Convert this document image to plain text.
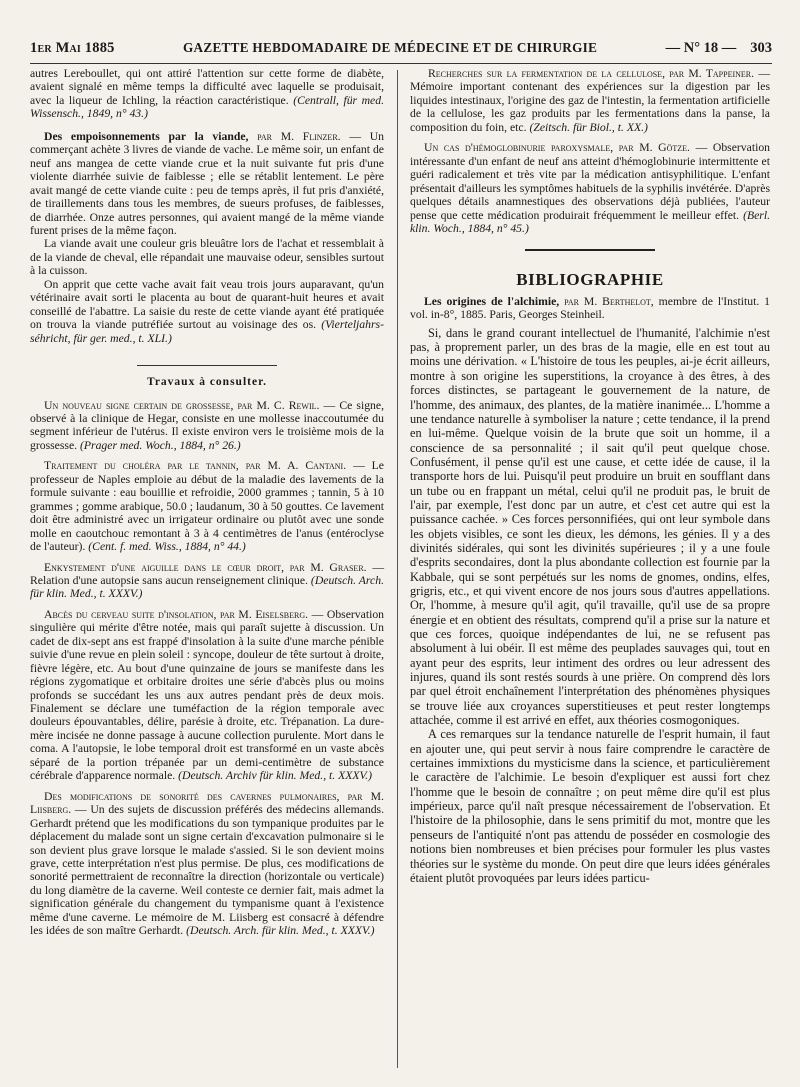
1er Mai 1885	GAZETTE HEBDOMADAIRE DE MÉDECINE ET DE CHIRURGIE	— N° 18 — 303

autres Lereboullet, qui ont attiré l'attention sur cette forme de diabète, avaient signalé en même temps la difficulté avec laquelle se produisait, avec la liqueur de Ichling, la réaction caractéristique. (Centrall, für med. Wissensch., 1849, n° 43.)

Des empoisonnements par la viande, par M. Flinzer. — Un commerçant achète 3 livres de viande de vache. Le même soir, un enfant de neuf ans mangea de cette viande crue et la nuit suivante fut pris d'une violente diarrhée suivie de faiblesse ; elle se rétablit lentement. Le père avait mangé de cette viande cuite : peu de temps après, il fut pris d'anxiété, de tiraillements dans tous les membres, de sueurs profuses, de faiblesses, de diarrhée. Onze autres personnes, qui avaient mangé de la même viande furent prises de la même façon.

La viande avait une couleur gris bleuâtre lors de l'achat et ressemblait à de la viande de cheval, elle répandait une mauvaise odeur, sensibles surtout à la cuisson.

On apprit que cette vache avait fait veau trois jours auparavant, qu'un vétérinaire avait sorti le placenta au bout de quarant-huit heures et avait conseillé de l'abattre. La saisie du reste de cette viande ayant été pratiquée on trouva la viande putréfiée surtout au voisinage des os. (Vierteljahrs-séhricht, für ger. med., t. XLI.)

Travaux à consulter.

Un nouveau signe certain de grossesse, par M. C. Rewil. — Ce signe, observé à la clinique de Hegar, consiste en une mollesse inaccoutumée du segment inférieur de l'utérus. Il existe environ vers le troisième mois de la grossesse. (Prager med. Woch., 1884, n° 26.)

Traitement du choléra par le tannin, par M. A. Cantani. — Le professeur de Naples emploie au début de la maladie des lavements de la formule suivante : eau bouillie et refroidie, 2000 grammes ; tannin, 5 à 10 grammes ; gomme arabique, 50.0 ; laudanum, 30 à 50 gouttes. Ce lavement doit être administré avec un irrigateur ordinaire ou plutôt avec une sonde molle en caoutchouc remontant à 3 à 4 centimètres de l'anus (entéroclyse de l'auteur). (Cent. f. med. Wiss., 1884, n° 44.)

Enkystement d'une aiguille dans le cœur droit, par M. Graser. — Relation d'une autopsie sans aucun renseignement clinique. (Deutsch. Arch. für klin. Med., t. XXXV.)

Abcès du cerveau suite d'insolation, par M. Eiselsberg. — Observation singulière qui mérite d'être notée, mais qui paraît sujette à discussion. Un cadet de dix-sept ans est frappé d'insolation à la suite d'une marche pénible suivie d'une revue en plein soleil : syncope, douleur de tête surtout à droite, fièvre légère, etc. Au bout d'une quinzaine de jours se manifeste dans les régions zygomatique et orbitaire droites une série d'abcès plus ou moins profonds se succédant les uns aux autres pendant près de deux mois. Finalement se déclare une tuméfaction de la région temporale avec douleurs épouvantables, délire, parésie à droite, etc. Trépanation. La dure-mère incisée ne donne passage à aucune collection purulente. Mort dans le coma. A l'autopsie, le lobe temporal droit est transformé en un vaste abcès séparé de la portion trépanée par un demi-centimètre de substance cérébrale d'apparence normale. (Deutsch. Archiv für klin. Med., t. XXXV.)

Des modifications de sonorité des cavernes pulmonaires, par M. Liisberg. — Un des sujets de discussion préférés des médecins allemands. Gerhardt prétend que les modifications du son tympanique produites par le déplacement du malade sont un signe certain d'excavation pulmonaire si le son devient plus grave lorsque le malade s'assied. Si le son devient moins grave, cette interprétation n'est plus permise. De plus, ces modifications de sonorité permettraient de reconnaître la direction (horizontale ou verticale) du long diamètre de la caverne. Weil conteste ce dernier fait, mais admet la signification générale du changement du tympanisme quant à l'existence même d'une caverne. Le mémoire de M. Liisberg est consacré à défendre les idées de son maître Gerhardt. (Deutsch. Arch. für klin. Med., t. XXXV.)

Recherches sur la fermentation de la cellulose, par M. Tappeiner. — Mémoire important contenant des expériences sur la digestion par les liquides intestinaux, l'origine des gaz de l'intestin, la fermentation artificielle de la cellulose, les gaz produits par les fermentations dans la panse, la composition du foin, etc. (Zeitsch. für Biol., t. XX.)

Un cas d'hémoglobinurie paroxysmale, par M. Götze. — Observation intéressante d'un enfant de neuf ans atteint d'hémoglobinurie intermittente et guéri radicalement et très vite par la médication antisyphilitique. L'enfant présentait d'ailleurs les symptômes habituels de la syphilis invétérée. D'après quelques détails anamnestiques des observations déjà publiées, l'auteur pense que cette médication produirait fréquemment le meilleur effet. (Berl. klin. Woch., 1884, n° 45.)

BIBLIOGRAPHIE

Les origines de l'alchimie, par M. Berthelot, membre de l'Institut. 1 vol. in-8°, 1885. Paris, Georges Steinheil.

Si, dans le grand courant intellectuel de l'humanité, l'alchimie n'est pas, à proprement parler, un des bras de la magie, elle en est tout au moins une dérivation. « L'histoire de tous les peuples, ai-je écrit ailleurs, montre à son origine les superstitions, la croyance à des êtres, à des forces distinctes, se partageant le gouvernement de la nature, de l'homme, des animaux, des plantes, de la matière inanimée... L'homme a une tendance naturelle à symboliser la nature ; cette tendance, il la prend en lui-même. Quelque voisin de la brute que soit un homme, il a conscience de sa personnalité ; il sait qu'il peut quelque chose. Confusément, il pense qu'il est une cause, et cette idée de cause, il la transporte hors de lui. Puisqu'il peut produire un bruit en soufflant dans un tube ou en frappant un métal, celui qu'il ne produit pas, le bruit de l'air, par exemple, l'est donc par un autre, et c'est cet autre qui est la puissance cachée. » Ces forces personnifiées, qui ont leur symbole dans les objets visibles, ce sont les dieux, les démons, les génies. Il y a des divinités sidérales, qui sont les divinités supérieures ; il y a une foule d'esprits secondaires, dont la plus abondante collection est fournie par la Kabbale, qui se sont perpétués sur les noms de gnomes, ondins, elfes, grigris, etc., et qui vivent encore de nos jours sous d'autres appellations. Or, l'homme, à mesure qu'il agit, qu'il travaille, qu'il use de sa propre énergie et en obtient des résultats, comprend qu'il a prise sur la nature et que ces forces, quoique indépendantes de lui, ne se refusent pas absolument à lui obéir. Il est même des peuplades sauvages qui, tout en ayant peur des esprits, leur intiment des ordres ou leur adressent des injures, quand ils sont restés sourds à une prière. On comprend dès lors par quel étroit enchaînement l'interprétation des phénomènes physiques se trouve liée aux croyances superstitieuses et peut rester longtemps attachée, comme il est arrivé en effet, aux théories cosmogoniques.

A ces remarques sur la tendance naturelle de l'esprit humain, il faut en ajouter une, qui peut servir à nous faire comprendre le caractère de certaines immixtions du mysticisme dans la science, et particulièrement le caractère de l'alchimie. Le besoin d'expliquer est aussi fort chez l'homme que le besoin de connaître ; on peut même dire qu'il est plus impérieux, parce qu'il naît presque nécessairement de l'observation. Et l'histoire de la philosophie, dans le sens primitif du mot, montre que les penseurs de l'antiquité n'ont pas attendu de posséder en cosmologie des notions bien nombreuses et bien précises pour formuler les plus vastes théories sur le système du monde. On peut dire que leurs idées générales étaient plutôt provoquées par leurs idées particu-
